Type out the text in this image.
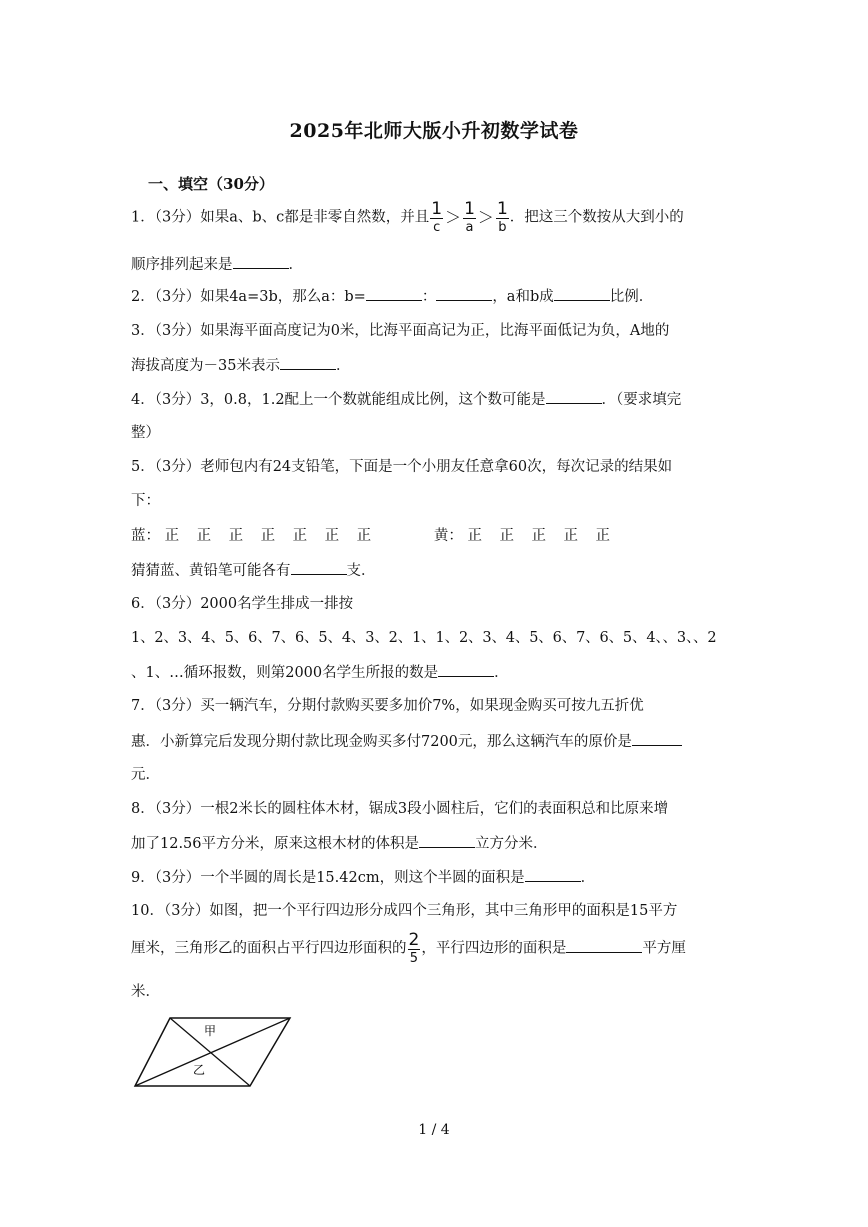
2025年北师大版小升初数学试卷
一、填空（30分）
1．（3分）如果a、b、c都是非零自然数，并且 $\frac{1}{c} > \frac{1}{a} > \frac{1}{b}$ ．把这三个数按从大到小的
顺序排列起来是	．
2．（3分）如果4a=3b，那么a：b=	：	，a和b成	比例．
3．（3分）如果海平面高度记为0米，比海平面高记为正，比海平面低记为负，A地的
海拔高度为－35米表示	．
4．（3分）3，0.8，1.2配上一个数就能组成比例，这个数可能是	．（要求填完
整）
5．（3分）老师包内有24支铅笔，下面是一个小朋友任意拿60次，每次记录的结果如
下：
蓝： 正 正 正 正 正 正 正	黄： 正 正 正 正 正
猜猜蓝、黄铅笔可能各有	支．
6．（3分）2000名学生排成一排按
1、2、3、4、5、6、7、6、5、4、3、2、1、1、2、3、4、5、6、7、6、5、4、、3、、2
、1、…循环报数，则第2000名学生所报的数是	．
7．（3分）买一辆汽车，分期付款购买要多加价7%，如果现金购买可按九五折优
惠．小新算完后发现分期付款比现金购买多付7200元，那么这辆汽车的原价是
元．
8．（3分）一根2米长的圆柱体木材，锯成3段小圆柱后，它们的表面积总和比原来增
加了12.56平方分米，原来这根木材的体积是	立方分米．
9．（3分）一个半圆的周长是15.42cm，则这个半圆的面积是	．
10．（3分）如图，把一个平行四边形分成四个三角形，其中三角形甲的面积是15平方
厘米，三角形乙的面积占平行四边形面积的 $\frac{2}{5}$ ，平行四边形的面积是	平方厘
米．
甲
乙
1 / 4
